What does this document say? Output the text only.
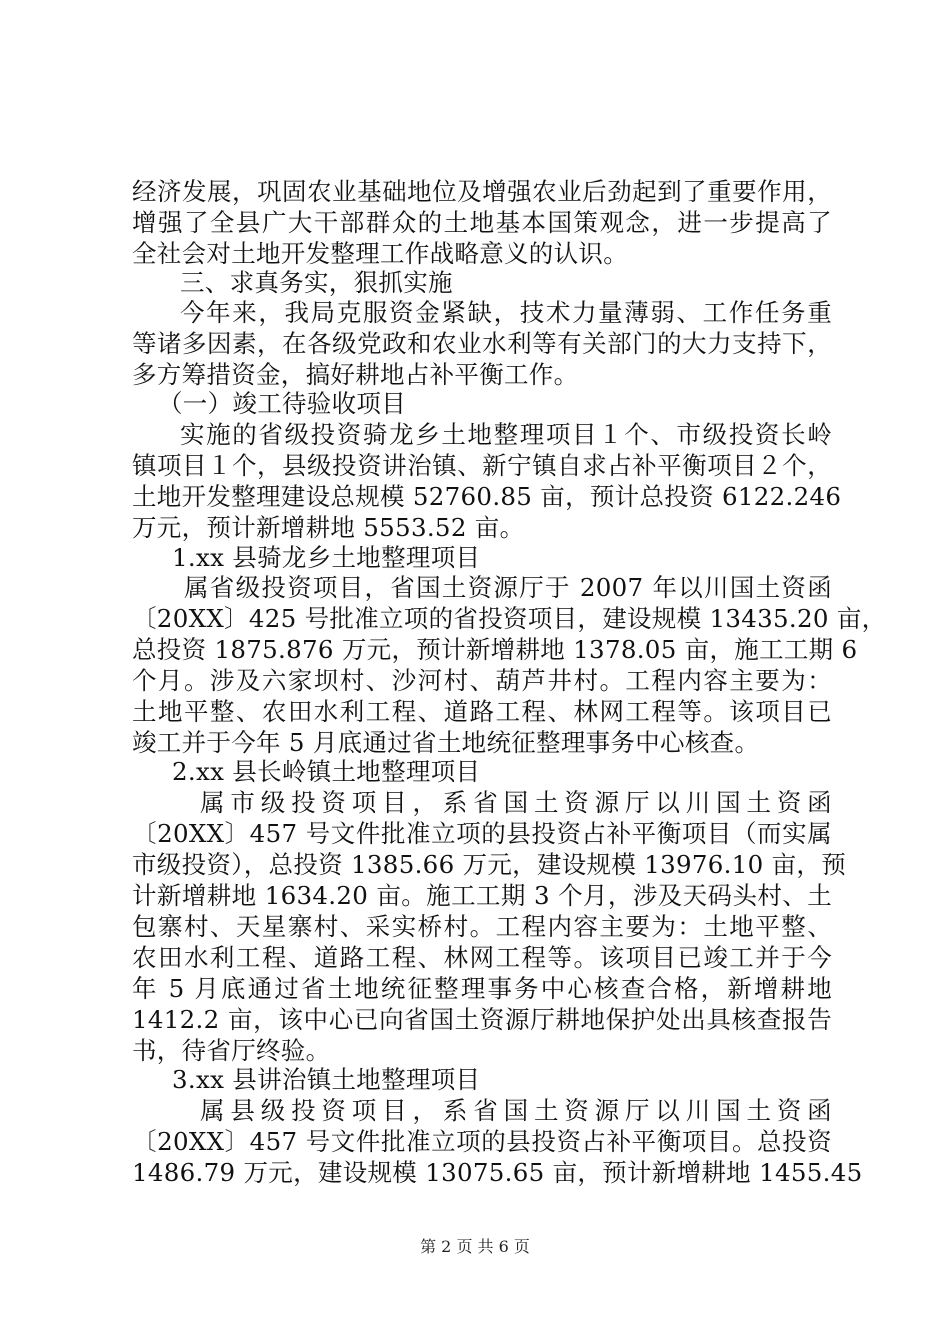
经济发展，巩固农业基础地位及增强农业后劲起到了重要作用，

增强了全县广大干部群众的土地基本国策观念，进一步提高了

全社会对土地开发整理工作战略意义的认识。

三、求真务实，狠抓实施

今年来，我局克服资金紧缺，技术力量薄弱、工作任务重

等诸多因素，在各级党政和农业水利等有关部门的大力支持下，

多方筹措资金，搞好耕地占补平衡工作。

（一）竣工待验收项目

实施的省级投资骑龙乡土地整理项目１个、市级投资长岭

镇项目１个，县级投资讲治镇、新宁镇自求占补平衡项目２个，

土地开发整理建设总规模 52760.85 亩，预计总投资 6122.246

万元，预计新增耕地 5553.52 亩。

1.xx 县骑龙乡土地整理项目

属省级投资项目，省国土资源厅于 2007 年以川国土资函

〔20XX〕425 号批准立项的省投资项目，建设规模 13435.20 亩，

总投资 1875.876 万元，预计新增耕地 1378.05 亩，施工工期 6

个月。涉及六家坝村、沙河村、葫芦井村。工程内容主要为：

土地平整、农田水利工程、道路工程、林网工程等。该项目已

竣工并于今年 5 月底通过省土地统征整理事务中心核查。

2.xx 县长岭镇土地整理项目

属市级投资项目，系省国土资源厅以川国土资函

〔20XX〕457 号文件批准立项的县投资占补平衡项目（而实属

市级投资），总投资 1385.66 万元，建设规模 13976.10 亩，预

计新增耕地 1634.20 亩。施工工期 3 个月，涉及天码头村、土

包寨村、天星寨村、采实桥村。工程内容主要为：土地平整、

农田水利工程、道路工程、林网工程等。该项目已竣工并于今

年 5 月底通过省土地统征整理事务中心核查合格，新增耕地

1412.2 亩，该中心已向省国土资源厅耕地保护处出具核查报告

书，待省厅终验。

3.xx 县讲治镇土地整理项目

属县级投资项目，系省国土资源厅以川国土资函

〔20XX〕457 号文件批准立项的县投资占补平衡项目。总投资

1486.79 万元，建设规模 13075.65 亩，预计新增耕地 1455.45

第 2 页 共 6 页
